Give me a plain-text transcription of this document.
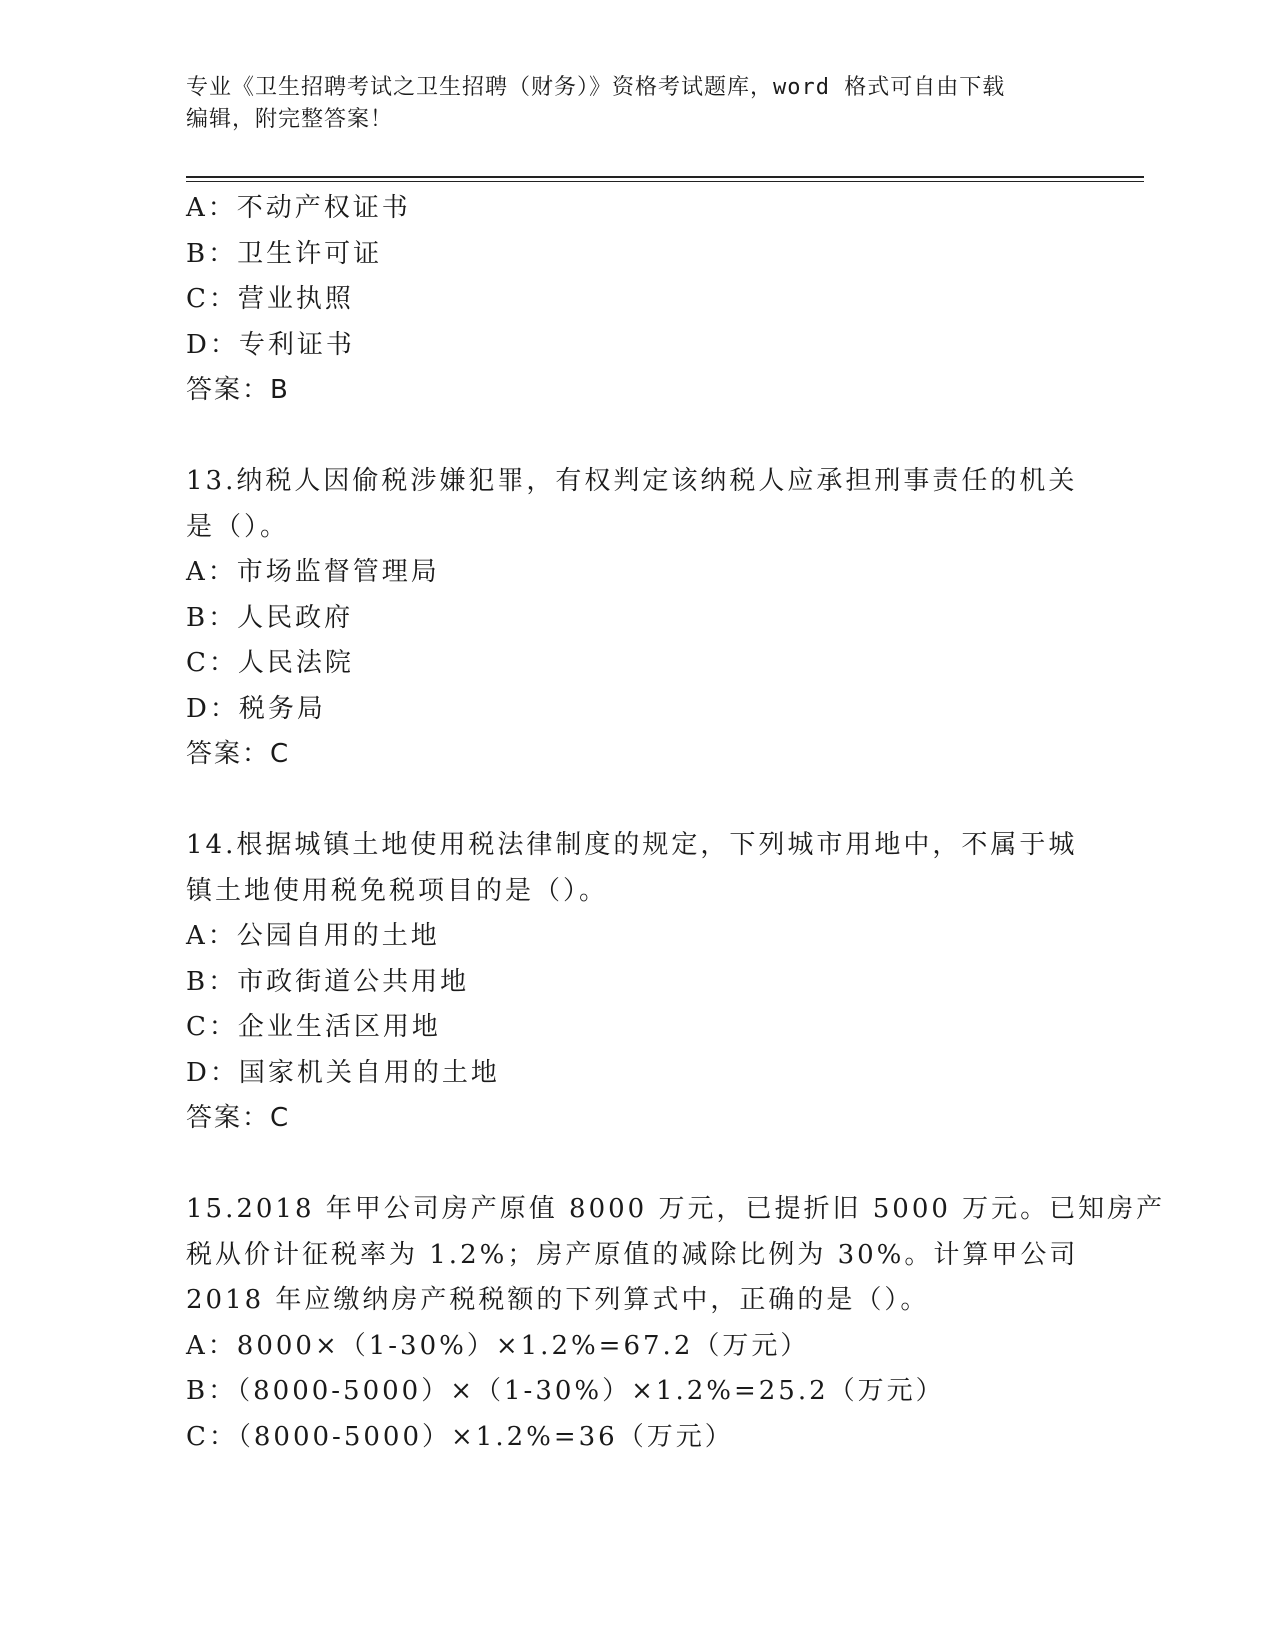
专业《卫生招聘考试之卫生招聘（财务）》资格考试题库，word 格式可自由下载
编辑，附完整答案！
A：不动产权证书
B：卫生许可证
C：营业执照
D：专利证书
答案：B
13.纳税人因偷税涉嫌犯罪，有权判定该纳税人应承担刑事责任的机关
是（）。
A：市场监督管理局
B：人民政府
C：人民法院
D：税务局
答案：C
14.根据城镇土地使用税法律制度的规定，下列城市用地中，不属于城
镇土地使用税免税项目的是（）。
A：公园自用的土地
B：市政街道公共用地
C：企业生活区用地
D：国家机关自用的土地
答案：C
15.2018 年甲公司房产原值 8000 万元，已提折旧 5000 万元。已知房产
税从价计征税率为 1.2%；房产原值的减除比例为 30%。计算甲公司
2018 年应缴纳房产税税额的下列算式中，正确的是（）。
A：8000×（1-30%）×1.2%=67.2（万元）
B：（8000-5000）×（1-30%）×1.2%=25.2（万元）
C：（8000-5000）×1.2%=36（万元）
